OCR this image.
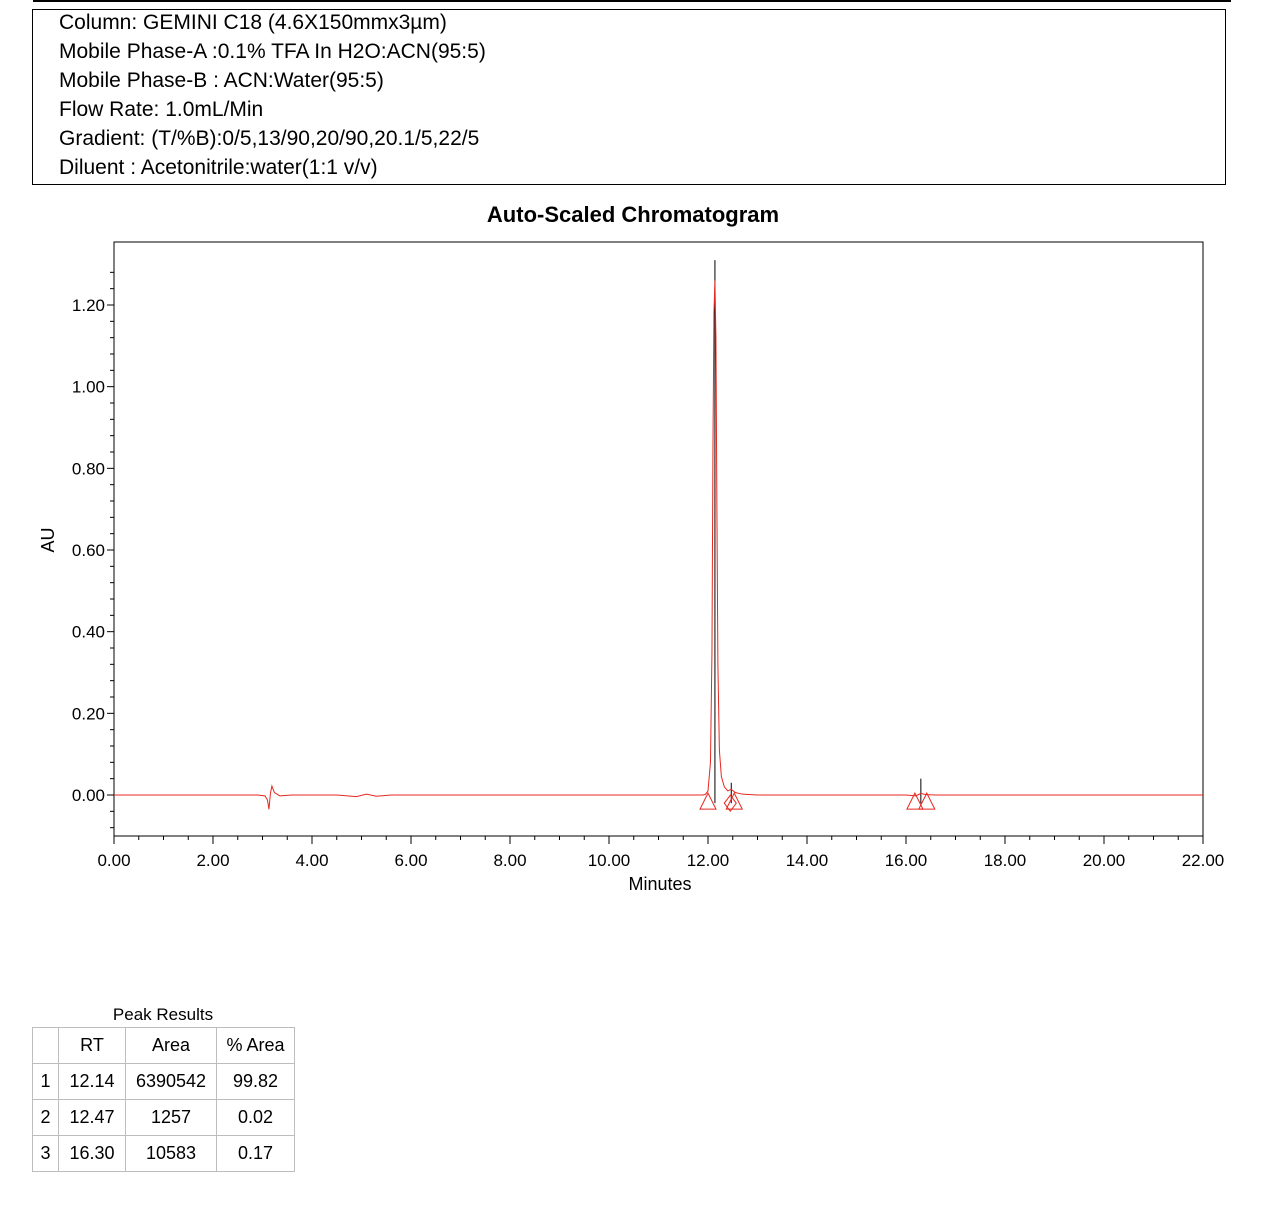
Column: GEMINI C18 (4.6X150mmx3µm)
Mobile Phase-A :0.1% TFA In H2O:ACN(95:5)
Mobile Phase-B : ACN:Water(95:5)
Flow Rate: 1.0mL/Min
Gradient: (T/%B):0/5,13/90,20/90,20.1/5,22/5
Diluent : Acetonitrile:water(1:1 v/v)
Auto-Scaled Chromatogram
0.00
0.20
0.40
0.60
0.80
1.00
1.20
0.00	2.00	4.00	6.00	8.00	10.00	12.00	14.00	16.00	18.00	20.00	22.00
AU
Minutes
Peak Results
	RT	Area	% Area
1	12.14	6390542	99.82
2	12.47	1257	0.02
3	16.30	10583	0.17
